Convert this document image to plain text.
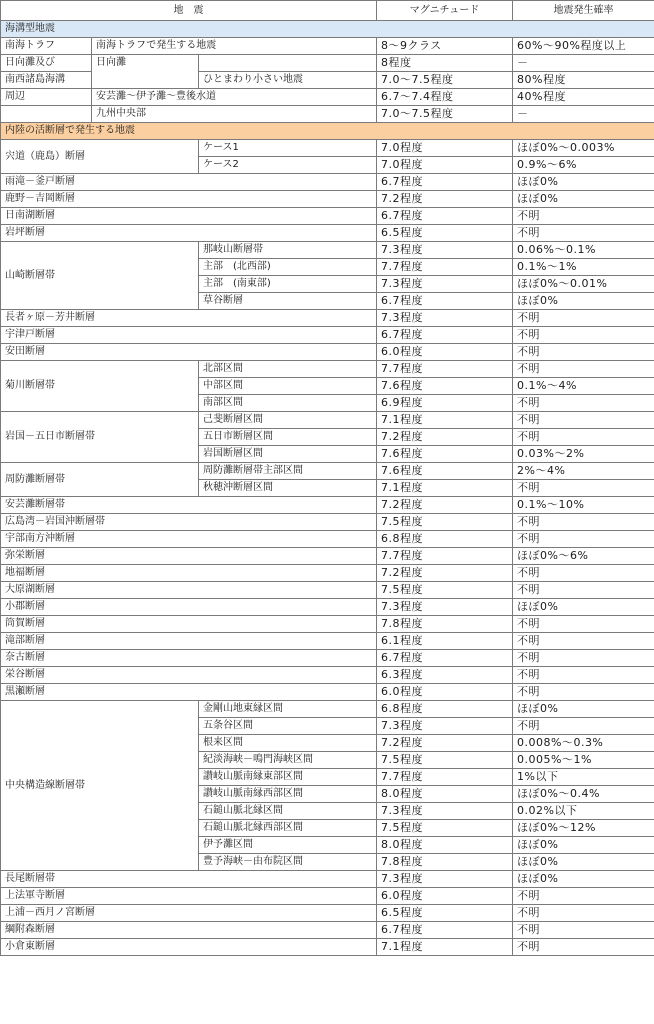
地　震			マグニチュード	地震発生確率
海溝型地震				
南海トラフ	南海トラフで発生する地震		8～9クラス	60%～90%程度以上
日向灘及び	日向灘		8程度	－
南西諸島海溝		ひとまわり小さい地震	7.0～7.5程度	80%程度
周辺	安芸灘～伊予灘～豊後水道		6.7～7.4程度	40%程度
	九州中央部		7.0～7.5程度	－
内陸の活断層で発生する地震				
宍道（鹿島）断層		ケース1	7.0程度	ほぼ0%～0.003%
		ケース2	7.0程度	0.9%～6%
雨滝－釜戸断層			6.7程度	ほぼ0%
鹿野－吉岡断層			7.2程度	ほぼ0%
日南湖断層			6.7程度	不明
岩坪断層			6.5程度	不明
山崎断層帯		那岐山断層帯	7.3程度	0.06%～0.1%
		主部　(北西部)	7.7程度	0.1%～1%
		主部　(南東部)	7.3程度	ほぼ0%～0.01%
		草谷断層	6.7程度	ほぼ0%
長者ヶ原－芳井断層			7.3程度	不明
宇津戸断層			6.7程度	不明
安田断層			6.0程度	不明
菊川断層帯		北部区間	7.7程度	不明
		中部区間	7.6程度	0.1%～4%
		南部区間	6.9程度	不明
岩国－五日市断層帯		己斐断層区間	7.1程度	不明
		五日市断層区間	7.2程度	不明
		岩国断層区間	7.6程度	0.03%～2%
周防灘断層帯		周防灘断層帯主部区間	7.6程度	2%～4%
		秋穂沖断層区間	7.1程度	不明
安芸灘断層帯			7.2程度	0.1%～10%
広島湾－岩国沖断層帯			7.5程度	不明
宇部南方沖断層			6.8程度	不明
弥栄断層			7.7程度	ほぼ0%～6%
地福断層			7.2程度	不明
大原湖断層			7.5程度	不明
小郡断層			7.3程度	ほぼ0%
筒賀断層			7.8程度	不明
滝部断層			6.1程度	不明
奈古断層			6.7程度	不明
栄谷断層			6.3程度	不明
黒瀬断層			6.0程度	不明
中央構造線断層帯		金剛山地東縁区間	6.8程度	ほぼ0%
		五条谷区間	7.3程度	不明
		根来区間	7.2程度	0.008%～0.3%
		紀淡海峡－鳴門海峡区間	7.5程度	0.005%～1%
		讃岐山脈南縁東部区間	7.7程度	1%以下
		讃岐山脈南縁西部区間	8.0程度	ほぼ0%～0.4%
		石鎚山脈北縁区間	7.3程度	0.02%以下
		石鎚山脈北縁西部区間	7.5程度	ほぼ0%～12%
		伊予灘区間	8.0程度	ほぼ0%
		豊予海峡－由布院区間	7.8程度	ほぼ0%
長尾断層帯			7.3程度	ほぼ0%
上法軍寺断層			6.0程度	不明
上浦－西月ノ宮断層			6.5程度	不明
綱附森断層			6.7程度	不明
小倉東断層			7.1程度	不明
